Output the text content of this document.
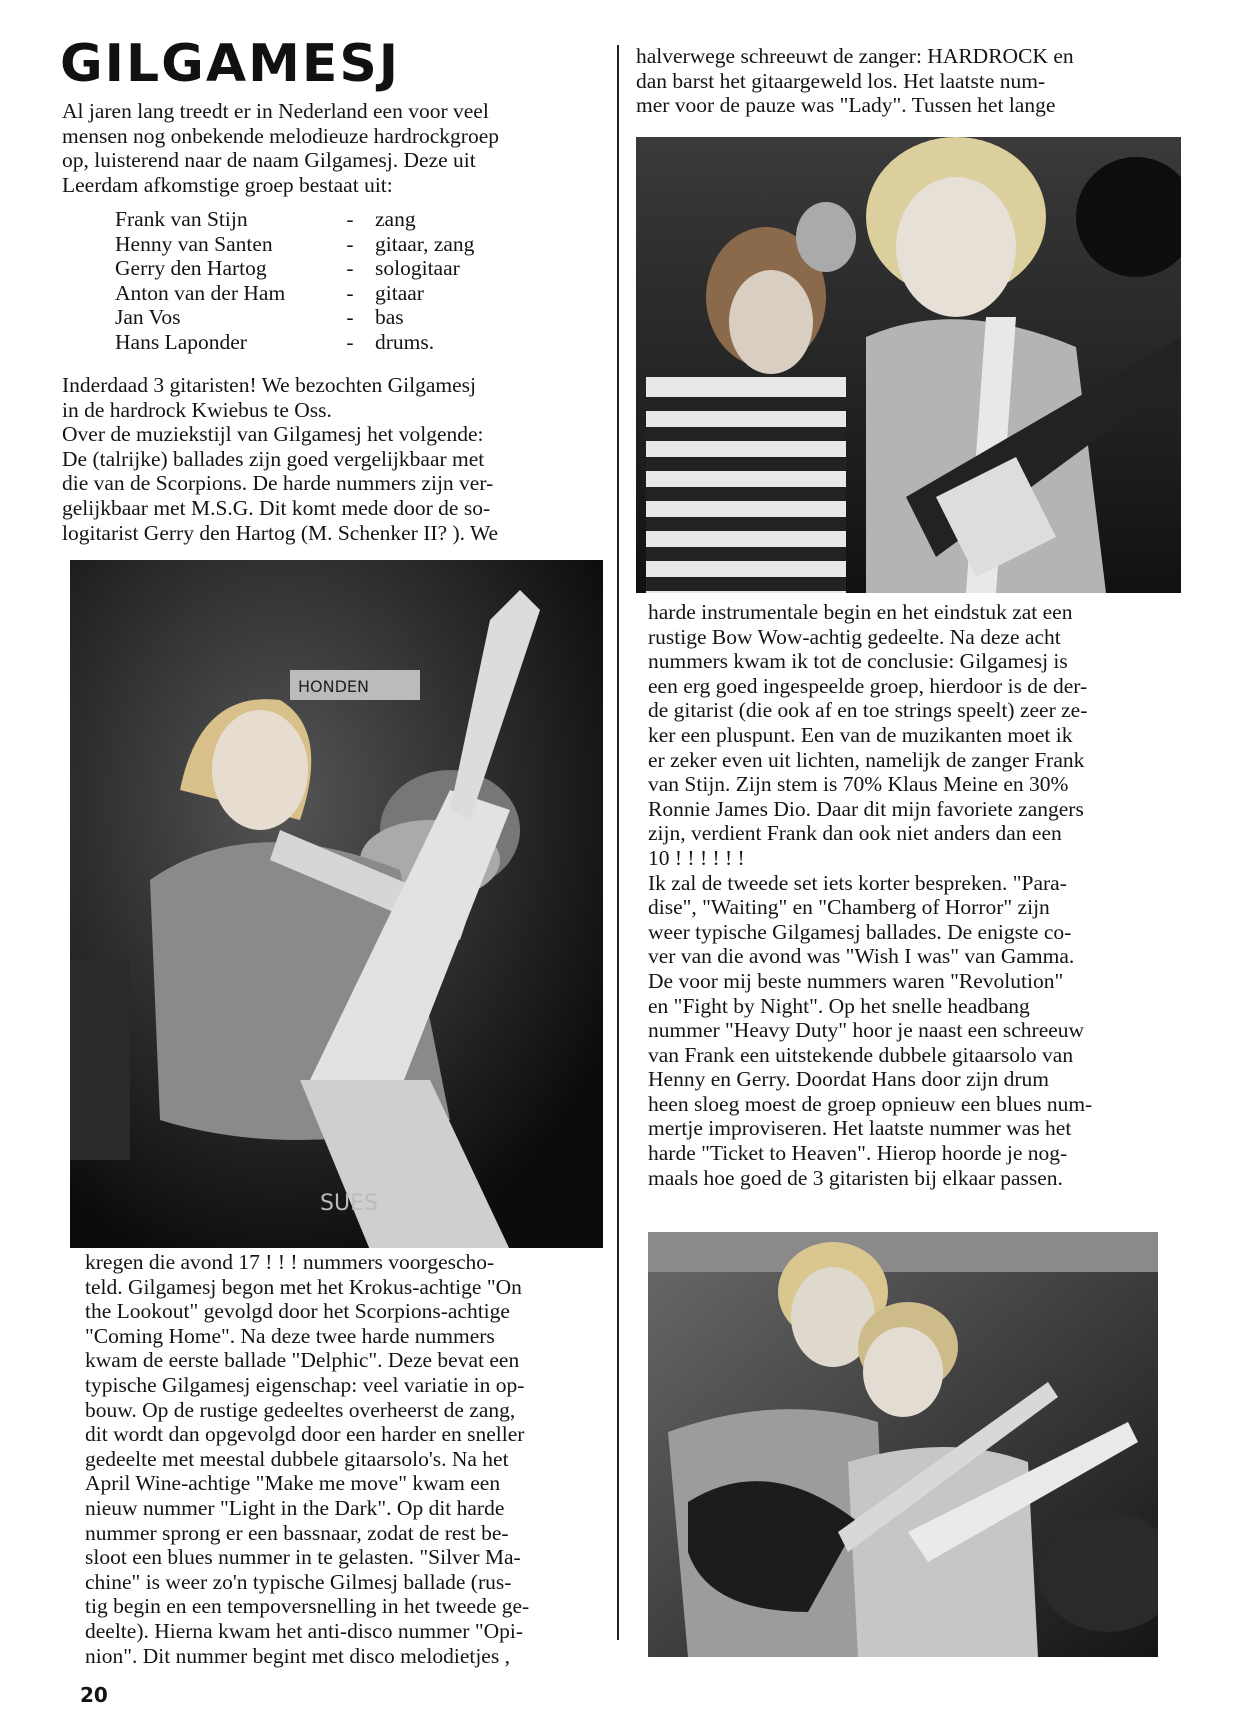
GILGAMESJ
Al jaren lang treedt er in Nederland een voor veel
mensen nog onbekende melodieuze hardrockgroep
op, luisterend naar de naam Gilgamesj. Deze uit
Leerdam afkomstige groep bestaat uit:
Frank van Stijn	- zang
Henny van Santen	- gitaar, zang
Gerry den Hartog	- sologitaar
Anton van der Ham	- gitaar
Jan Vos	- bas
Hans Laponder	- drums.
Inderdaad 3 gitaristen! We bezochten Gilgamesj
in de hardrock Kwiebus te Oss.
Over de muziekstijl van Gilgamesj het volgende:
De (talrijke) ballades zijn goed vergelijkbaar met
die van de Scorpions. De harde nummers zijn ver-
gelijkbaar met M.S.G. Dit komt mede door de so-
logitarist Gerry den Hartog (M. Schenker II? ). We
HONDEN
SUES
kregen die avond 17 ! ! ! nummers voorgescho-
teld. Gilgamesj begon met het Krokus-achtige "On
the Lookout" gevolgd door het Scorpions-achtige
"Coming Home". Na deze twee harde nummers
kwam de eerste ballade "Delphic". Deze bevat een
typische Gilgamesj eigenschap: veel variatie in op-
bouw. Op de rustige gedeeltes overheerst de zang,
dit wordt dan opgevolgd door een harder en sneller
gedeelte met meestal dubbele gitaarsolo's. Na het
April Wine-achtige "Make me move" kwam een
nieuw nummer "Light in the Dark". Op dit harde
nummer sprong er een bassnaar, zodat de rest be-
sloot een blues nummer in te gelasten. "Silver Ma-
chine" is weer zo'n typische Gilmesj ballade (rus-
tig begin en een tempoversnelling in het tweede ge-
deelte). Hierna kwam het anti-disco nummer "Opi-
nion". Dit nummer begint met disco melodietjes ,
halverwege schreeuwt de zanger: HARDROCK en
dan barst het gitaargeweld los. Het laatste num-
mer voor de pauze was "Lady". Tussen het lange
harde instrumentale begin en het eindstuk zat een
rustige Bow Wow-achtig gedeelte. Na deze acht
nummers kwam ik tot de conclusie: Gilgamesj is
een erg goed ingespeelde groep, hierdoor is de der-
de gitarist (die ook af en toe strings speelt) zeer ze-
ker een pluspunt. Een van de muzikanten moet ik
er zeker even uit lichten, namelijk de zanger Frank
van Stijn. Zijn stem is 70% Klaus Meine en 30%
Ronnie James Dio. Daar dit mijn favoriete zangers
zijn, verdient Frank dan ook niet anders dan een
10 ! ! ! ! ! !
Ik zal de tweede set iets korter bespreken. "Para-
dise", "Waiting" en "Chamberg of Horror" zijn
weer typische Gilgamesj ballades. De enigste co-
ver van die avond was "Wish I was" van Gamma.
De voor mij beste nummers waren "Revolution"
en "Fight by Night". Op het snelle headbang
nummer "Heavy Duty" hoor je naast een schreeuw
van Frank een uitstekende dubbele gitaarsolo van
Henny en Gerry. Doordat Hans door zijn drum
heen sloeg moest de groep opnieuw een blues num-
mertje improviseren. Het laatste nummer was het
harde "Ticket to Heaven". Hierop hoorde je nog-
maals hoe goed de 3 gitaristen bij elkaar passen.
20
